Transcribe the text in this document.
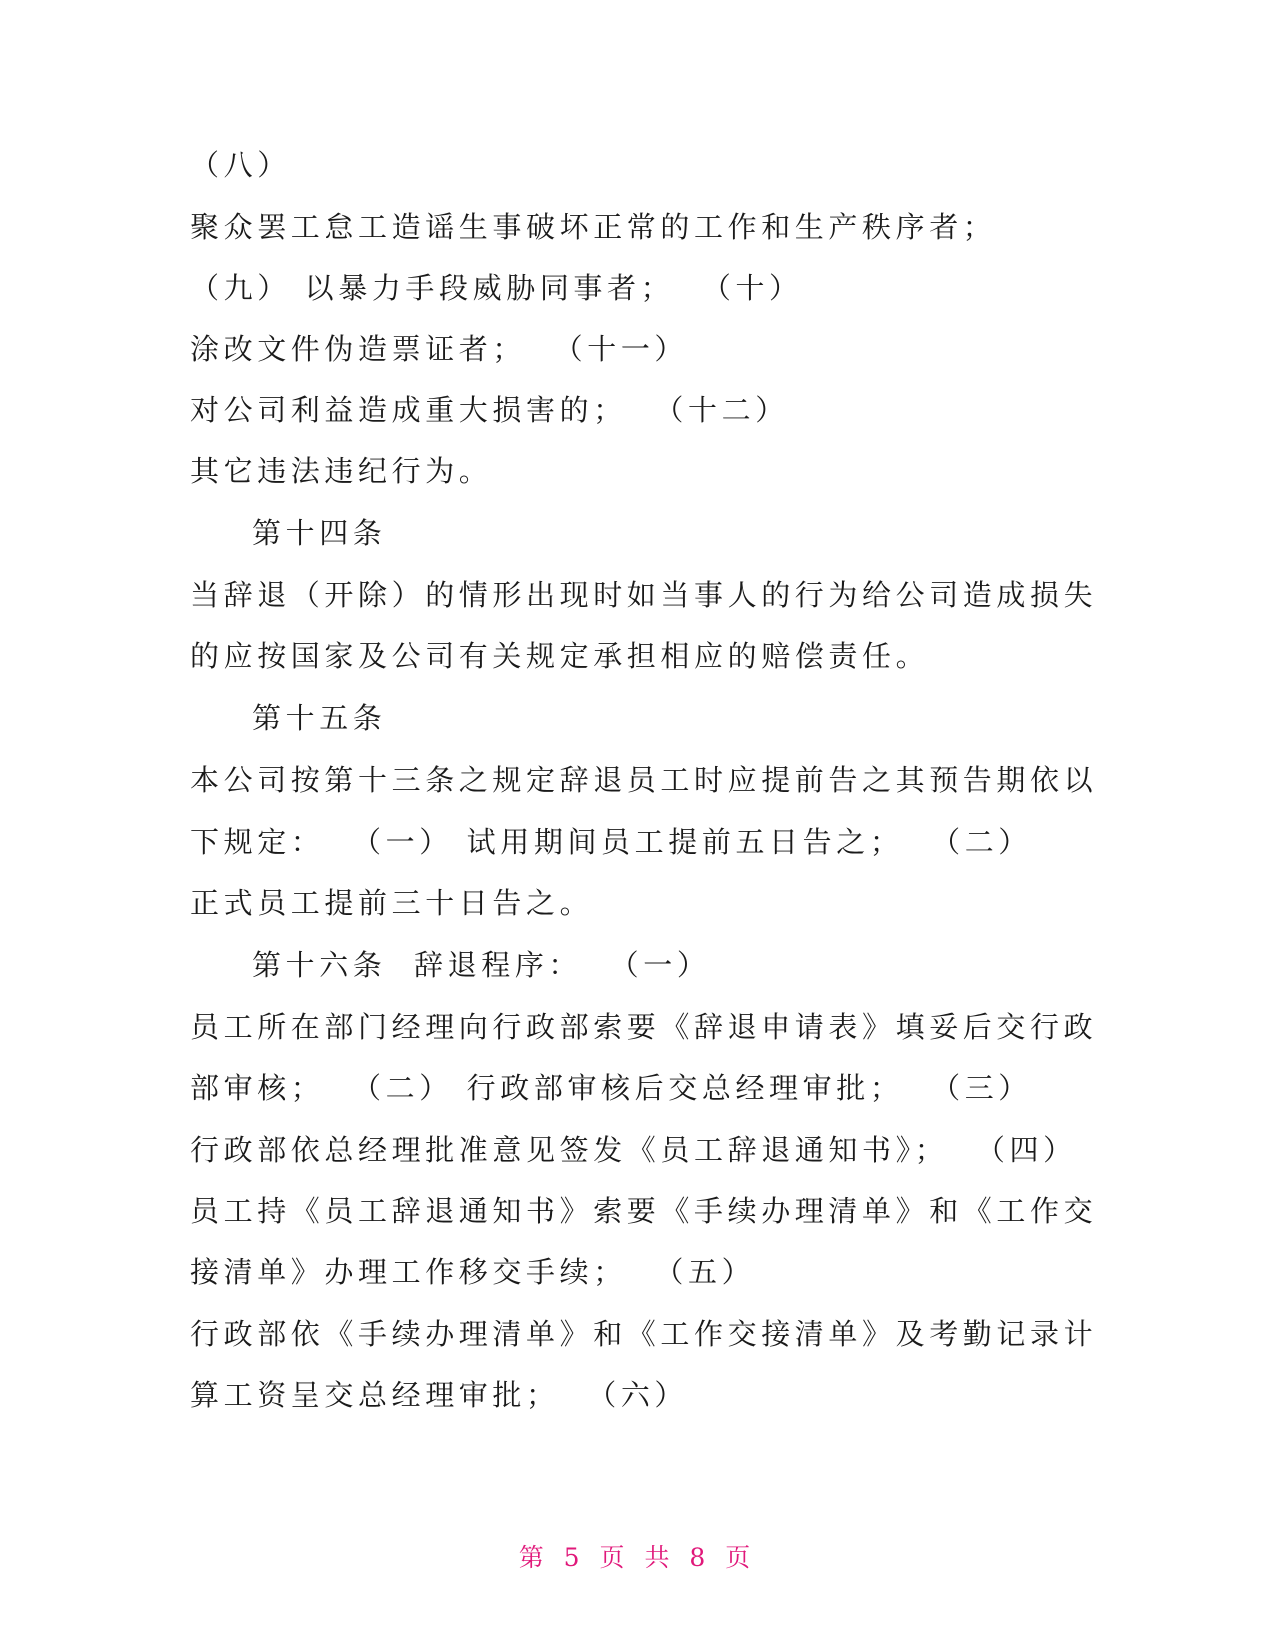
（八）
聚众罢工怠工造谣生事破坏正常的工作和生产秩序者；
（九） 以暴力手段威胁同事者；  （十）
涂改文件伪造票证者；  （十一）
对公司利益造成重大损害的；  （十二）
其它违法违纪行为。
第十四条
当辞退（开除）的情形出现时如当事人的行为给公司造成损失
的应按国家及公司有关规定承担相应的赔偿责任。
第十五条
本公司按第十三条之规定辞退员工时应提前告之其预告期依以
下规定：  （一） 试用期间员工提前五日告之；  （二）
正式员工提前三十日告之。
第十六条  辞退程序：  （一）
员工所在部门经理向行政部索要《辞退申请表》填妥后交行政
部审核；  （二） 行政部审核后交总经理审批；  （三）
行政部依总经理批准意见签发《员工辞退通知书》；  （四）
员工持《员工辞退通知书》索要《手续办理清单》和《工作交
接清单》办理工作移交手续；  （五）
行政部依《手续办理清单》和《工作交接清单》及考勤记录计
算工资呈交总经理审批；  （六）
第 5 页 共 8 页
